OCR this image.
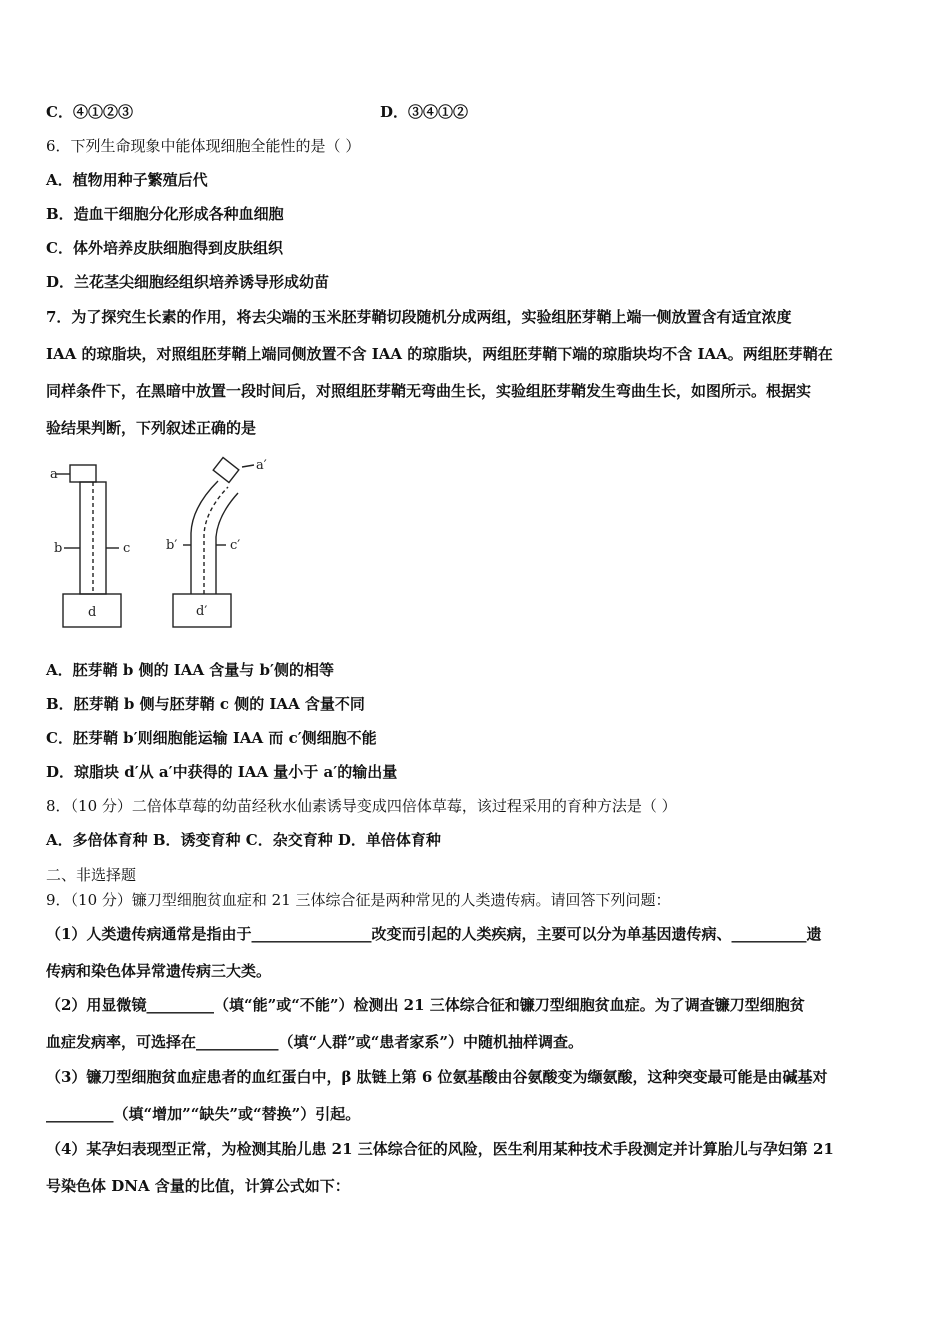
C．④①②③	D．③④①②
6．下列生命现象中能体现细胞全能性的是（ ）
A．植物用种子繁殖后代
B．造血干细胞分化形成各种血细胞
C．体外培养皮肤细胞得到皮肤组织
D．兰花茎尖细胞经组织培养诱导形成幼苗
7．为了探究生长素的作用，将去尖端的玉米胚芽鞘切段随机分成两组，实验组胚芽鞘上端一侧放置含有适宜浓度
IAA 的琼脂块，对照组胚芽鞘上端同侧放置不含 IAA 的琼脂块，两组胚芽鞘下端的琼脂块均不含 IAA。两组胚芽鞘在
同样条件下，在黑暗中放置一段时间后，对照组胚芽鞘无弯曲生长，实验组胚芽鞘发生弯曲生长，如图所示。根据实
验结果判断，下列叙述正确的是
a
b	c
d
a′
b′	c′
d′
A．胚芽鞘 b 侧的 IAA 含量与 b′侧的相等
B．胚芽鞘 b 侧与胚芽鞘 c 侧的 IAA 含量不同
C．胚芽鞘 b′则细胞能运输 IAA 而 c′侧细胞不能
D．琼脂块 d′从 a′中获得的 IAA 量小于 a′的输出量
8．（10 分）二倍体草莓的幼苗经秋水仙素诱导变成四倍体草莓，该过程采用的育种方法是（ ）
A．多倍体育种 B．诱变育种 C．杂交育种 D．单倍体育种
二、非选择题
9．（10 分）镰刀型细胞贫血症和 21 三体综合征是两种常见的人类遗传病。请回答下列问题：
（1）人类遗传病通常是指由于________________改变而引起的人类疾病，主要可以分为单基因遗传病、__________遗
传病和染色体异常遗传病三大类。
（2）用显微镜_________（填“能”或“不能”）检测出 21 三体综合征和镰刀型细胞贫血症。为了调查镰刀型细胞贫
血症发病率，可选择在___________（填“人群”或“患者家系”）中随机抽样调查。
（3）镰刀型细胞贫血症患者的血红蛋白中，β 肽链上第 6 位氨基酸由谷氨酸变为缬氨酸，这种突变最可能是由碱基对
_________（填“增加”“缺失”或“替换”）引起。
（4）某孕妇表现型正常，为检测其胎儿患 21 三体综合征的风险，医生利用某种技术手段测定并计算胎儿与孕妇第 21
号染色体 DNA 含量的比值，计算公式如下：
